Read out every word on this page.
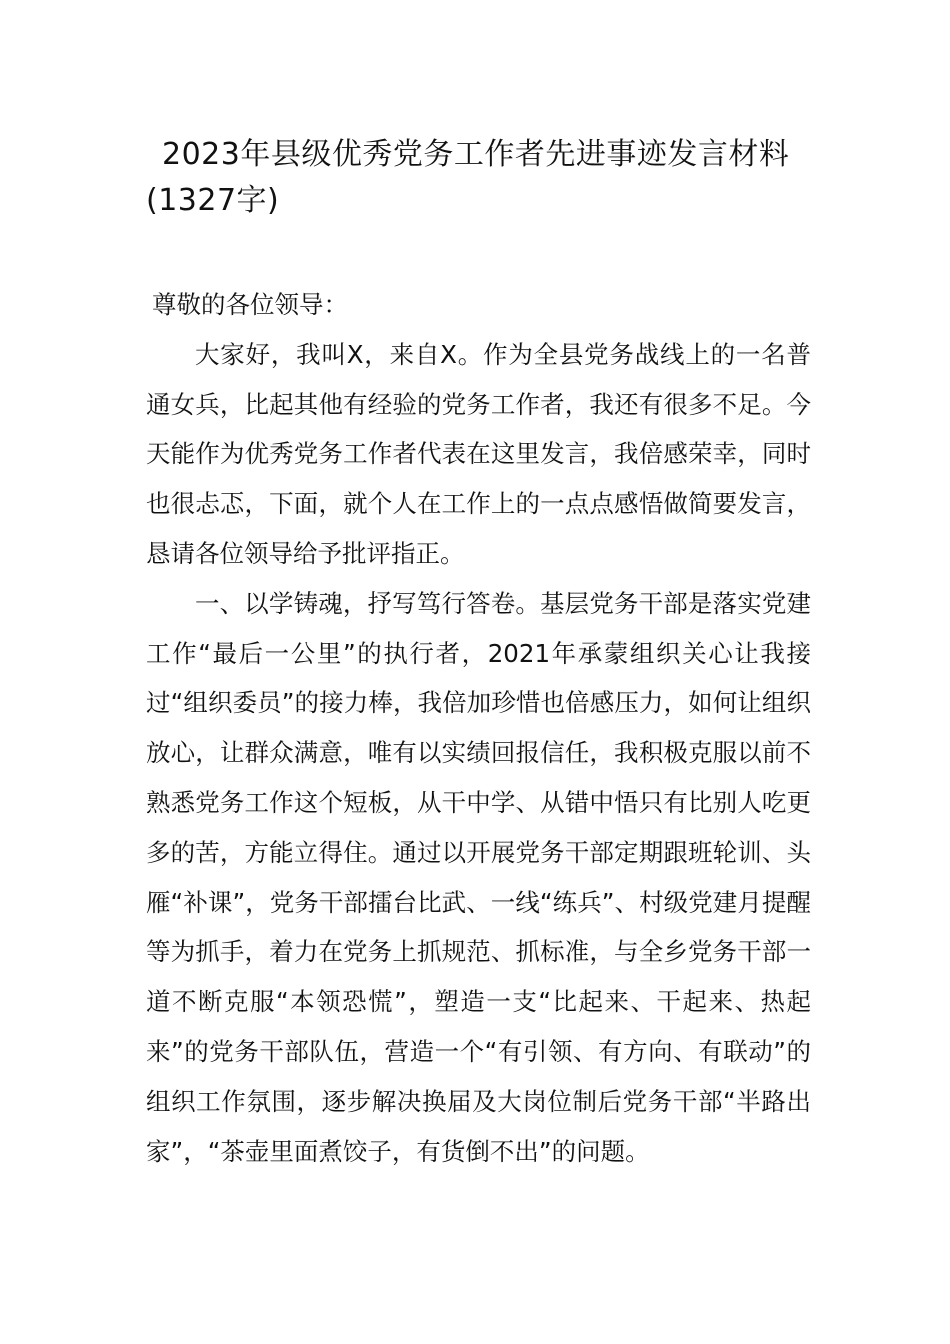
2023年县级优秀党务工作者先进事迹发言材料(1327字)

尊敬的各位领导：

大家好，我叫X，来自X。作为全县党务战线上的一名普通女兵，比起其他有经验的党务工作者，我还有很多不足。今天能作为优秀党务工作者代表在这里发言，我倍感荣幸，同时也很忐忑，下面，就个人在工作上的一点点感悟做简要发言，恳请各位领导给予批评指正。

一、以学铸魂，抒写笃行答卷。基层党务干部是落实党建工作“最后一公里”的执行者，2021年承蒙组织关心让我接过“组织委员”的接力棒，我倍加珍惜也倍感压力，如何让组织放心，让群众满意，唯有以实绩回报信任，我积极克服以前不熟悉党务工作这个短板，从干中学、从错中悟只有比别人吃更多的苦，方能立得住。通过以开展党务干部定期跟班轮训、头雁“补课”，党务干部擂台比武、一线“练兵”、村级党建月提醒等为抓手，着力在党务上抓规范、抓标准，与全乡党务干部一道不断克服“本领恐慌”，塑造一支“比起来、干起来、热起来”的党务干部队伍，营造一个“有引领、有方向、有联动”的组织工作氛围，逐步解决换届及大岗位制后党务干部“半路出家”，“茶壶里面煮饺子，有货倒不出”的问题。
